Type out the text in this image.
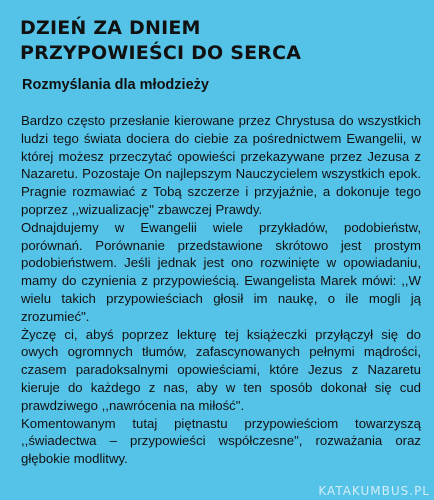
DZIEŃ ZA DNIEM
PRZYPOWIEŚCI DO SERCA
Rozmyślania dla młodzieży

Bardzo często przesłanie kierowane przez Chrystusa do wszystkich ludzi tego świata dociera do ciebie za pośrednictwem Ewangelii, w której możesz przeczytać opowieści przekazywane przez Jezusa z Nazaretu. Pozostaje On najlepszym Nauczycielem wszystkich epok. Pragnie rozmawiać z Tobą szczerze i przyjaźnie, a dokonuje tego poprzez ,,wizualizację" zbawczej Prawdy.

Odnajdujemy w Ewangelii wiele przykładów, podobieństw, porównań. Porównanie przedstawione skrótowo jest prostym podobieństwem. Jeśli jednak jest ono rozwinięte w opowiadaniu, mamy do czynienia z przypowieścią. Ewangelista Marek mówi: ,,W wielu takich przypowieściach głosił im naukę, o ile mogli ją zrozumieć".

Życzę ci, abyś poprzez lekturę tej książeczki przyłączył się do owych ogromnych tłumów, zafascynowanych pełnymi mądrości, czasem paradoksalnymi opowieściami, które Jezus z Nazaretu kieruje do każdego z nas, aby w ten sposób dokonał się cud prawdziwego ,,nawrócenia na miłość".

Komentowanym tutaj piętnastu przypowieściom towarzyszą ,,świadectwa – przypowieści współczesne", rozważania oraz głębokie modlitwy.

KATAKUMBUS.PL
